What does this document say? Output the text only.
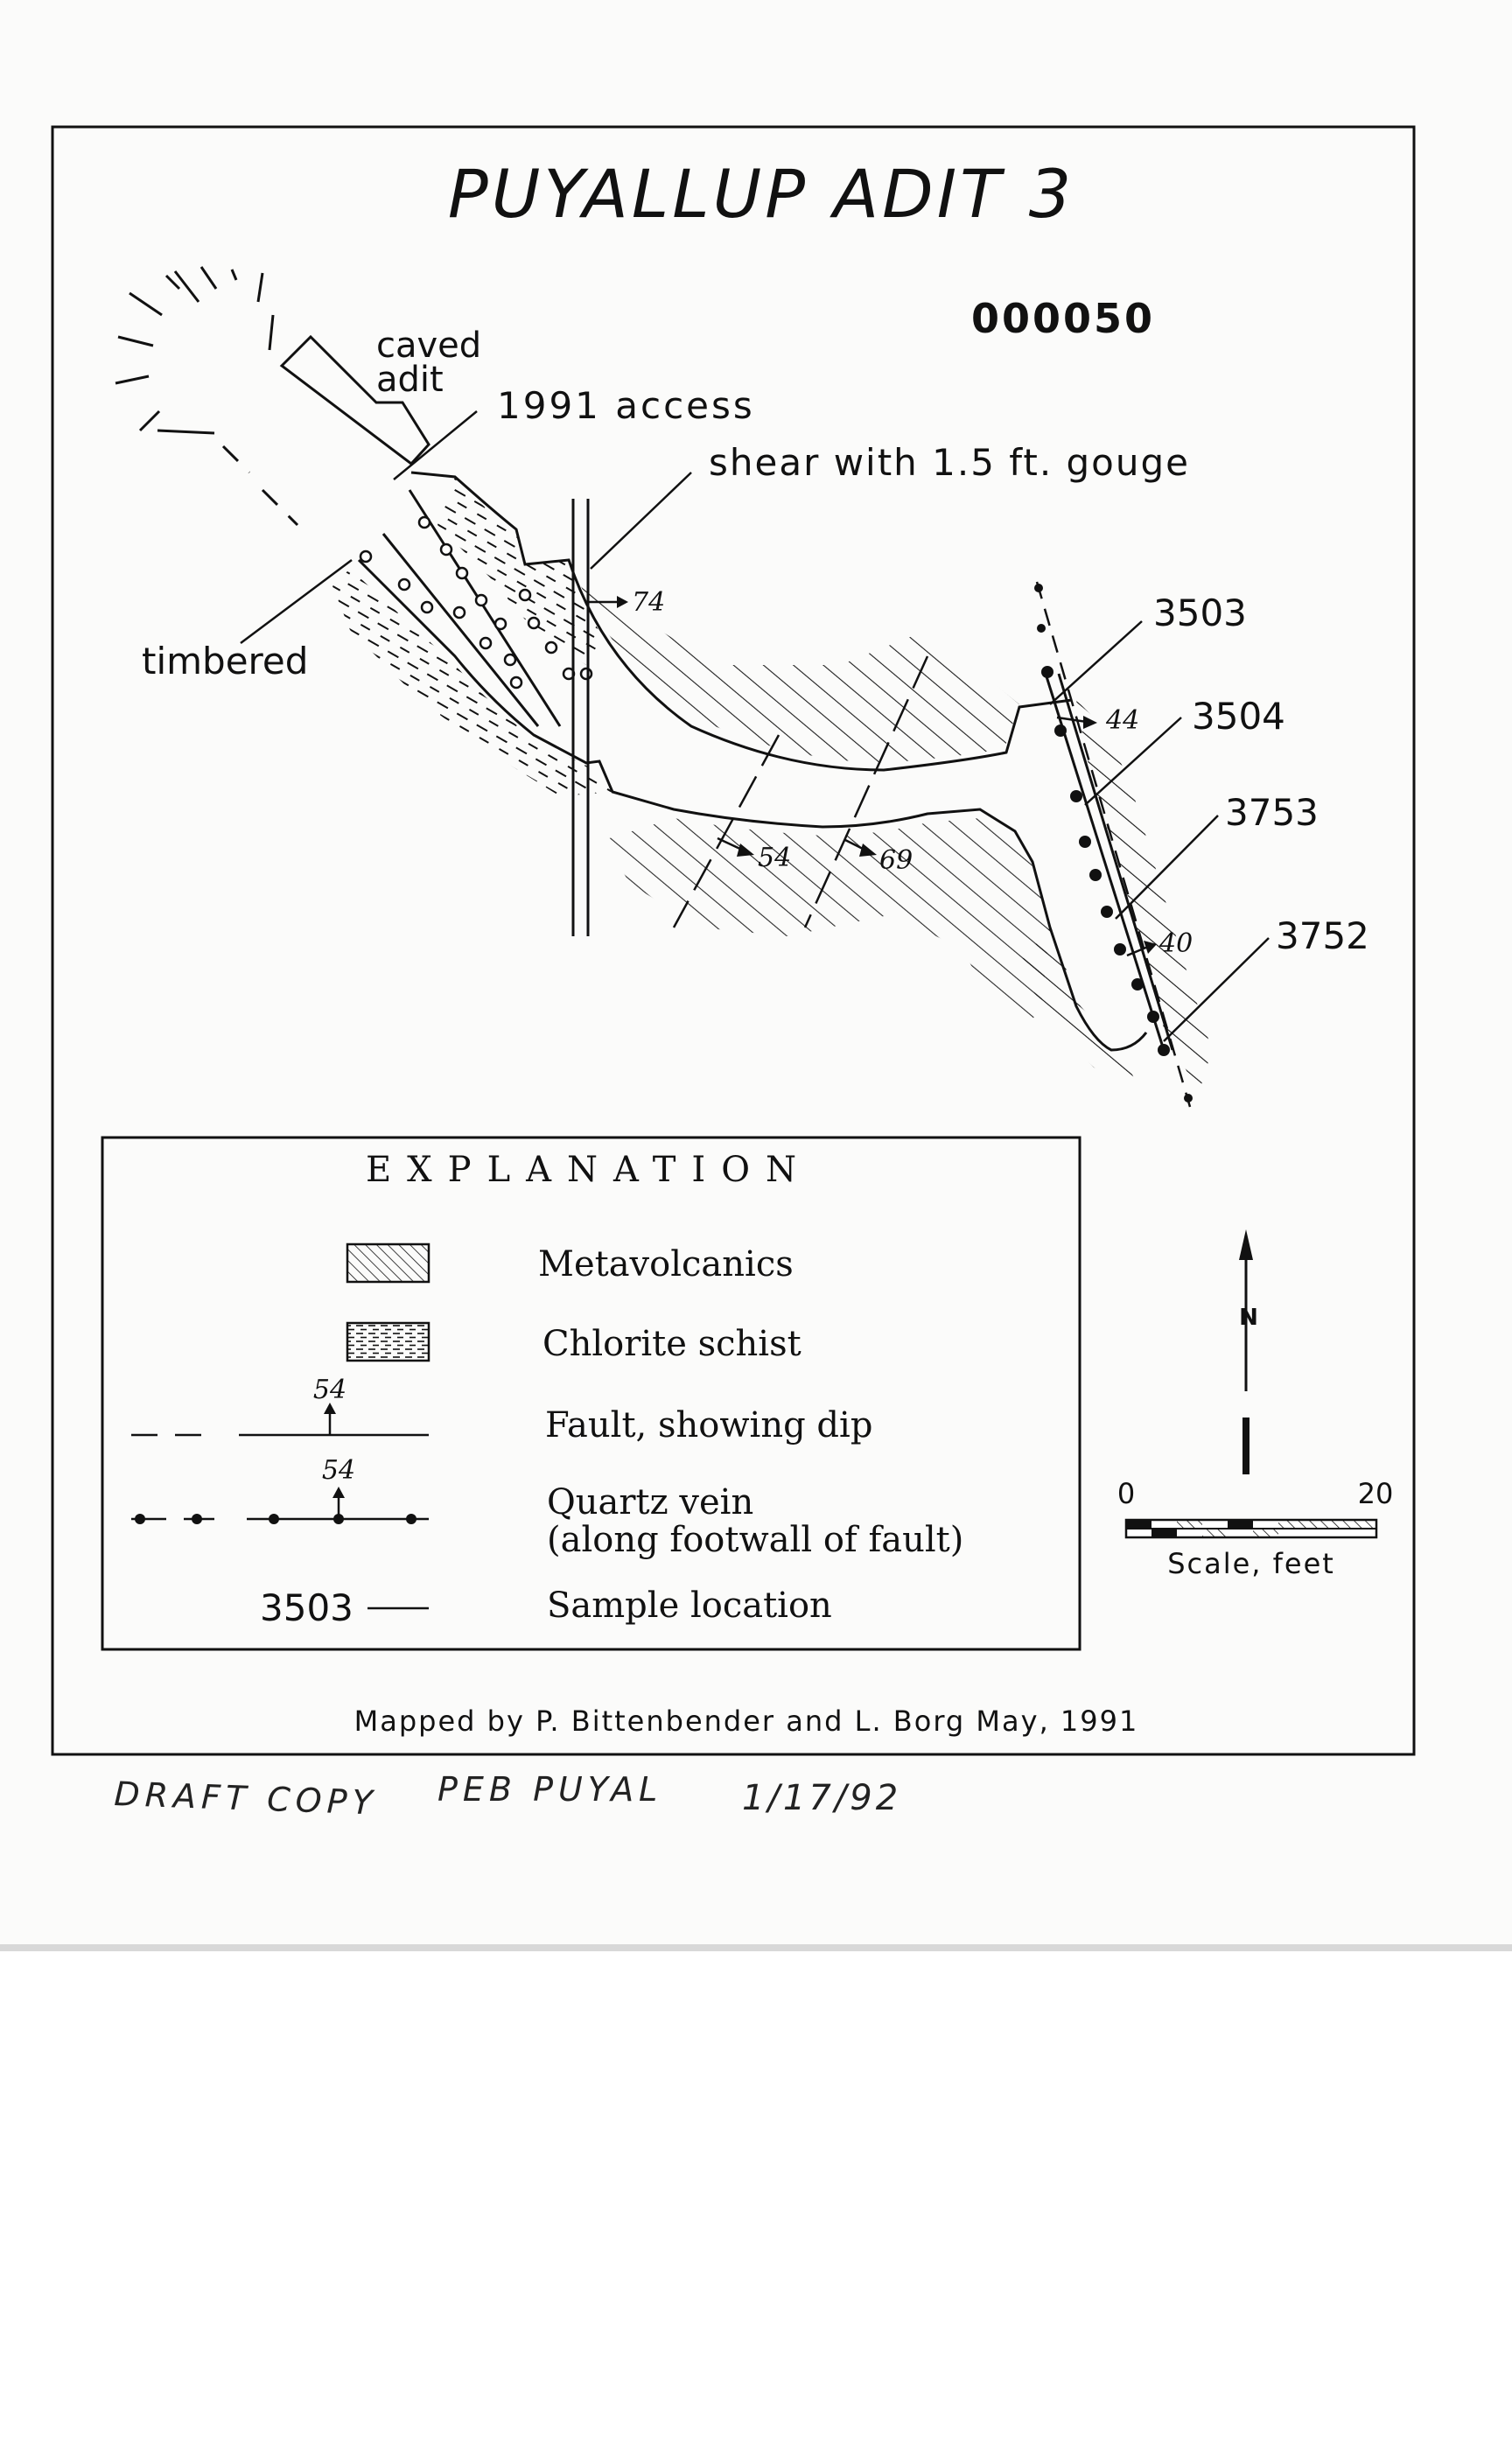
PUYALLUP ADIT 3
000050
caved
adit
1991 access
shear with 1.5 ft. gouge
timbered
74
54	69
44
40
3503
3504
3753
3752
EXPLANATION
Metavolcanics
Chlorite schist
54
Fault, showing dip
54
Quartz vein
(along footwall of fault)
3503	Sample location
N
0	20
Scale, feet
Mapped by P. Bittenbender and L. Borg May, 1991
DRAFT COPY PEB PUYAL 1/17/92
